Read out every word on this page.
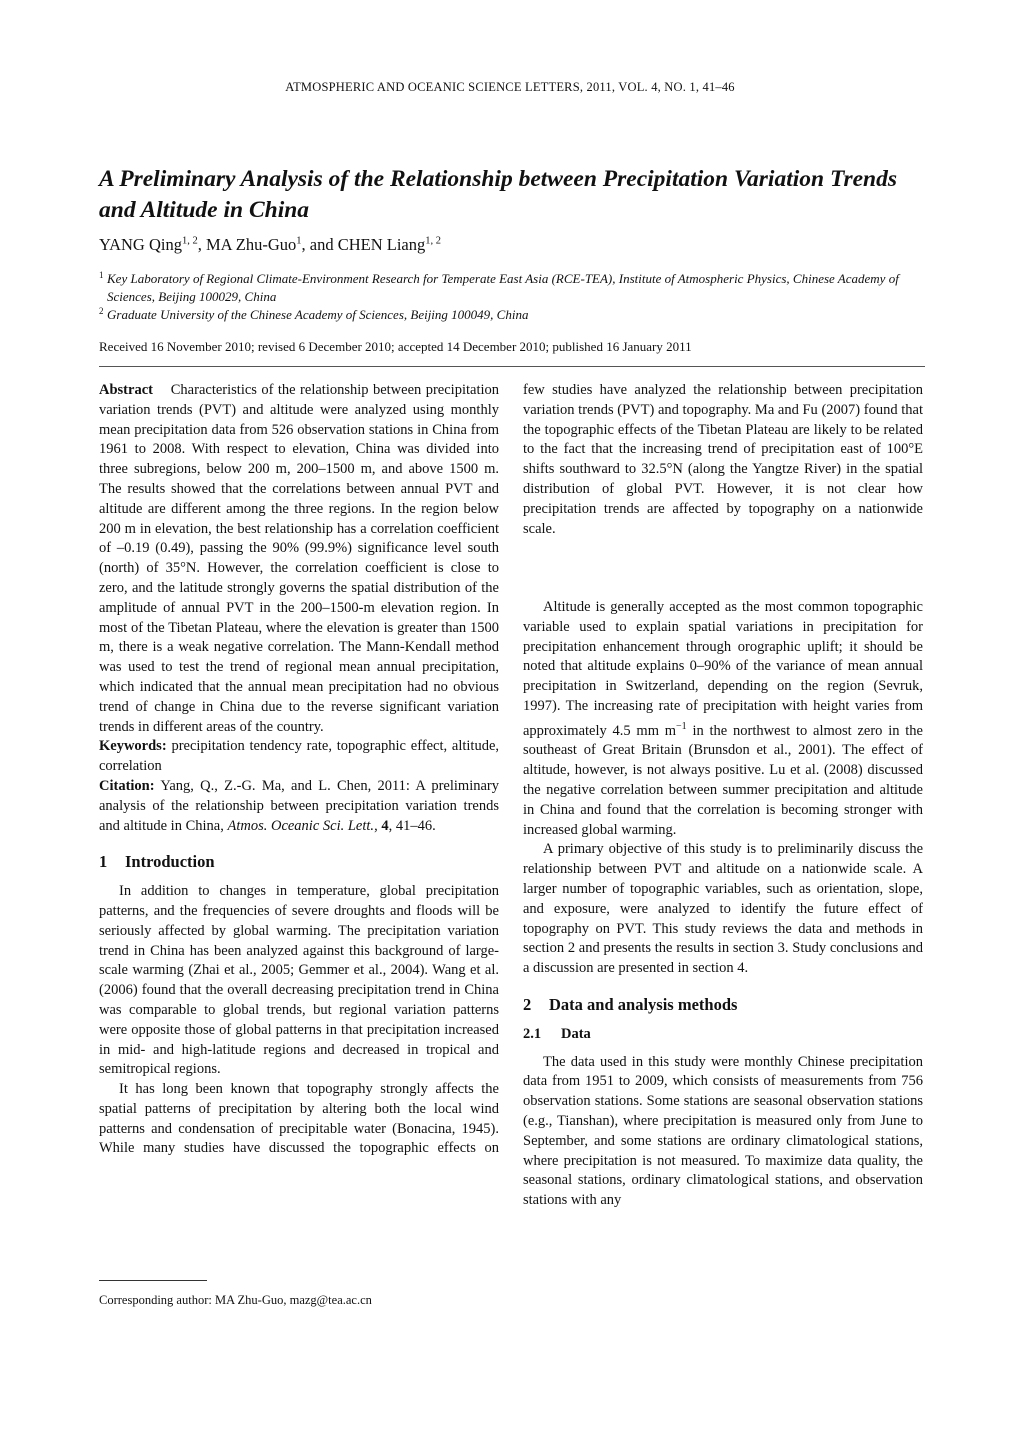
ATMOSPHERIC AND OCEANIC SCIENCE LETTERS, 2011, VOL. 4, NO. 1, 41–46
A Preliminary Analysis of the Relationship between Precipitation Variation Trends and Altitude in China
YANG Qing$^{1, 2}$, MA Zhu-Guo$^1$, and CHEN Liang$^{1, 2}$
1 Key Laboratory of Regional Climate-Environment Research for Temperate East Asia (RCE-TEA), Institute of Atmospheric Physics, Chinese Academy of Sciences, Beijing 100029, China
2 Graduate University of the Chinese Academy of Sciences, Beijing 100049, China
Received 16 November 2010; revised 6 December 2010; accepted 14 December 2010; published 16 January 2011

Abstract Characteristics of the relationship between precipitation variation trends (PVT) and altitude were analyzed using monthly mean precipitation data from 526 observation stations in China from 1961 to 2008. With respect to elevation, China was divided into three subregions, below 200 m, 200–1500 m, and above 1500 m. The results showed that the correlations between annual PVT and altitude are different among the three regions. In the region below 200 m in elevation, the best relationship has a correlation coefficient of –0.19 (0.49), passing the 90% (99.9%) significance level south (north) of 35°N. However, the correlation coefficient is close to zero, and the latitude strongly governs the spatial distribution of the amplitude of annual PVT in the 200–1500-m elevation region. In most of the Tibetan Plateau, where the elevation is greater than 1500 m, there is a weak negative correlation. The Mann-Kendall method was used to test the trend of regional mean annual precipitation, which indicated that the annual mean precipitation had no obvious trend of change in China due to the reverse significant variation trends in different areas of the country.

Keywords: precipitation tendency rate, topographic effect, altitude, correlation

Citation: Yang, Q., Z.-G. Ma, and L. Chen, 2011: A preliminary analysis of the relationship between precipitation variation trends and altitude in China, Atmos. Oceanic Sci. Lett., 4, 41–46.

1 Introduction

In addition to changes in temperature, global precipitation patterns, and the frequencies of severe droughts and floods will be seriously affected by global warming. The precipitation variation trend in China has been analyzed against this background of large-scale warming (Zhai et al., 2005; Gemmer et al., 2004). Wang et al. (2006) found that the overall decreasing precipitation trend in China was comparable to global trends, but regional variation patterns were opposite those of global patterns in that precipitation increased in mid- and high-latitude regions and decreased in tropical and semitropical regions.

It has long been known that topography strongly affects the spatial patterns of precipitation by altering both the local wind patterns and condensation of precipitable water (Bonacina, 1945). While many studies have discussed the topographic effects on

few studies have analyzed the relationship between precipitation variation trends (PVT) and topography. Ma and Fu (2007) found that the topographic effects of the Tibetan Plateau are likely to be related to the fact that the increasing trend of precipitation east of 100°E shifts southward to 32.5°N (along the Yangtze River) in the spatial distribution of global PVT. However, it is not clear how precipitation trends are affected by topography on a nationwide scale.

Altitude is generally accepted as the most common topographic variable used to explain spatial variations in precipitation for precipitation enhancement through orographic uplift; it should be noted that altitude explains 0–90% of the variance of mean annual precipitation in Switzerland, depending on the region (Sevruk, 1997). The increasing rate of precipitation with height varies from approximately 4.5 mm $m^{-1}$ in the northwest to almost zero in the southeast of Great Britain (Brunsdon et al., 2001). The effect of altitude, however, is not always positive. Lu et al. (2008) discussed the negative correlation between summer precipitation and altitude in China and found that the correlation is becoming stronger with increased global warming.

A primary objective of this study is to preliminarily discuss the relationship between PVT and altitude on a nationwide scale. A larger number of topographic variables, such as orientation, slope, and exposure, were analyzed to identify the future effect of topography on PVT. This study reviews the data and methods in section 2 and presents the results in section 3. Study conclusions and a discussion are presented in section 4.

2 Data and analysis methods
2.1 Data

The data used in this study were monthly Chinese precipitation data from 1951 to 2009, which consists of measurements from 756 observation stations. Some stations are seasonal observation stations (e.g., Tianshan), where precipitation is measured only from June to September, and some stations are ordinary climatological stations, where precipitation is not measured. To maximize data quality, the seasonal stations, ordinary climatological stations, and observation stations with any

Corresponding author: MA Zhu-Guo, mazg@tea.ac.cn
